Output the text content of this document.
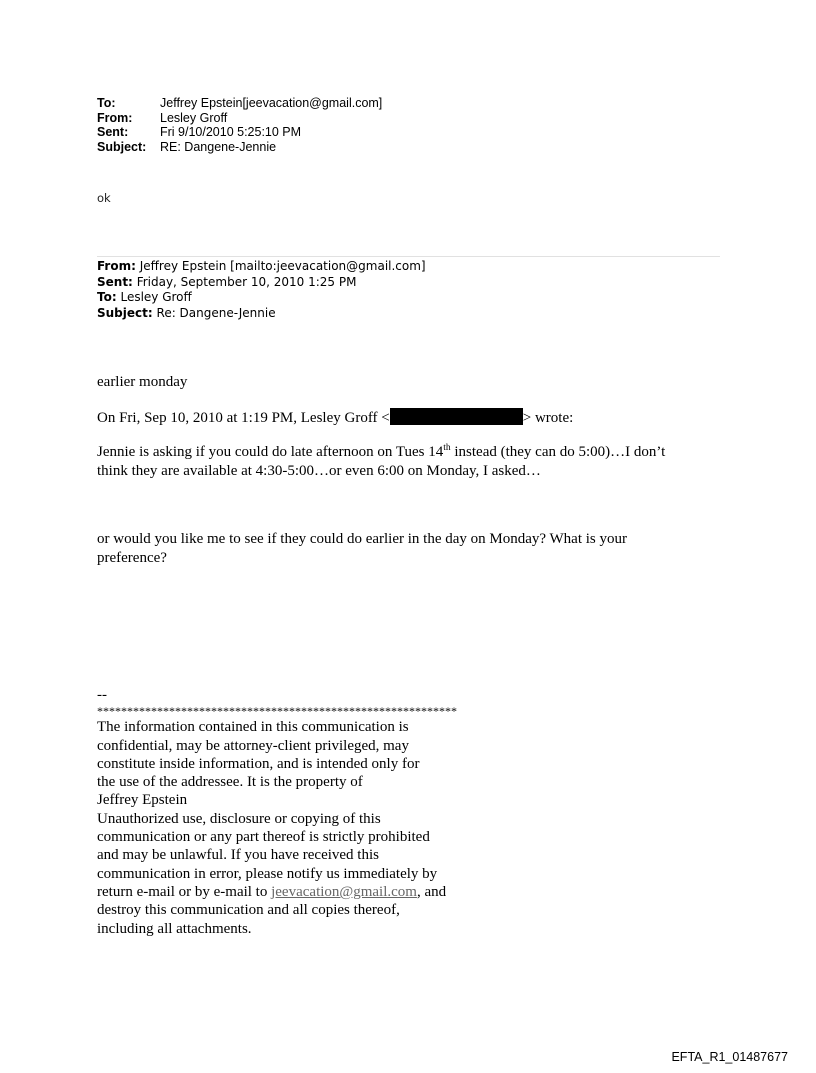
To:	Jeffrey Epstein[jeevacation@gmail.com]
From:	Lesley Groff
Sent:	Fri 9/10/2010 5:25:10 PM
Subject:	RE: Dangene-Jennie
ok
From: Jeffrey Epstein [mailto:jeevacation@gmail.com]
Sent: Friday, September 10, 2010 1:25 PM
To: Lesley Groff
Subject: Re: Dangene-Jennie
earlier monday
On Fri, Sep 10, 2010 at 1:19 PM, Lesley Groff <	> wrote:
Jennie is asking if you could do late afternoon on Tues 14th instead (they can do 5:00)…I don’t
think they are available at 4:30-5:00…or even 6:00 on Monday, I asked…
or would you like me to see if they could do earlier in the day on Monday? What is your
preference?
--
************************************************************
The information contained in this communication is
confidential, may be attorney-client privileged, may
constitute inside information, and is intended only for
the use of the addressee. It is the property of
Jeffrey Epstein
Unauthorized use, disclosure or copying of this
communication or any part thereof is strictly prohibited
and may be unlawful. If you have received this
communication in error, please notify us immediately by
return e-mail or by e-mail to jeevacation@gmail.com, and
destroy this communication and all copies thereof,
including all attachments.
EFTA_R1_01487677
